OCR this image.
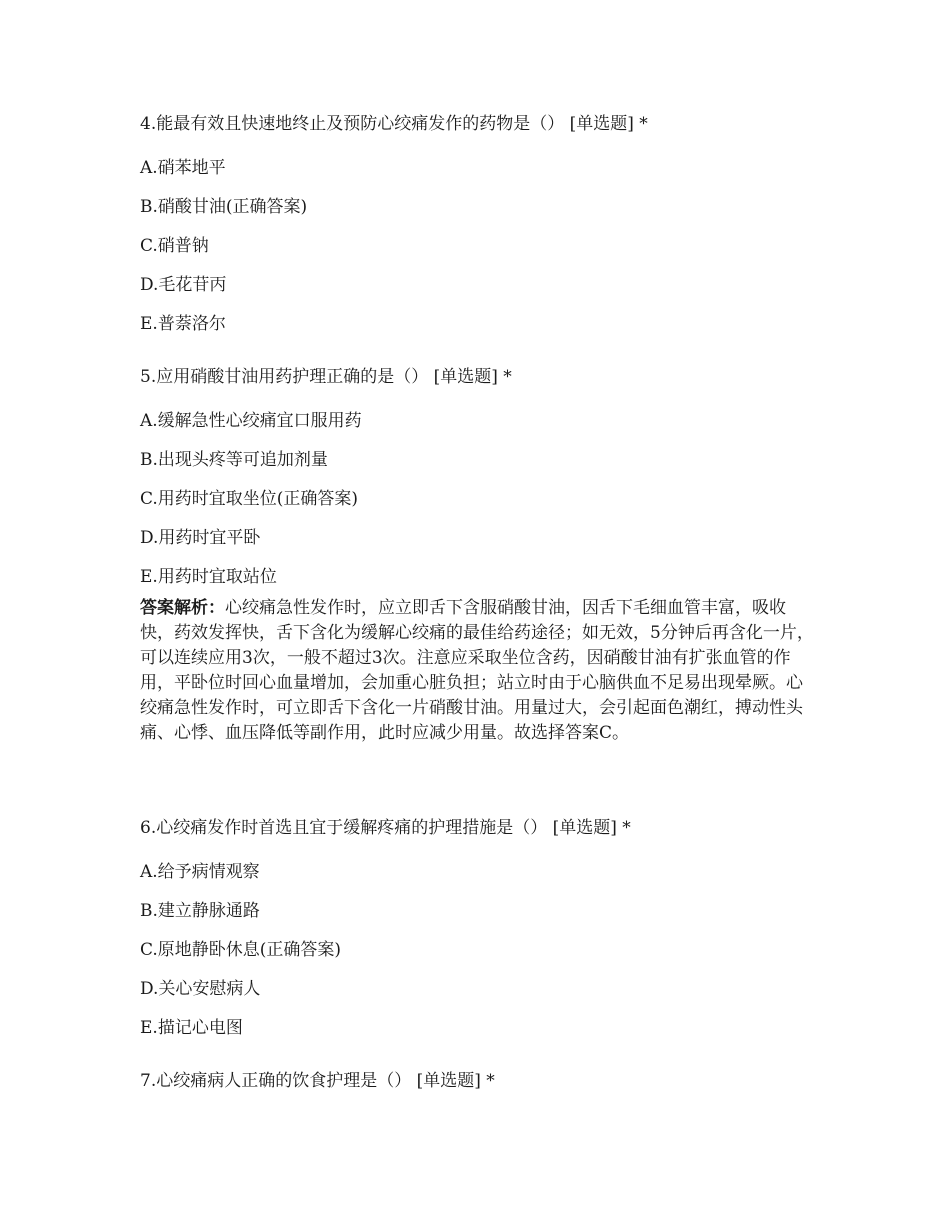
4.能最有效且快速地终止及预防心绞痛发作的药物是（） [单选题] *
A.硝苯地平
B.硝酸甘油(正确答案)
C.硝普钠
D.毛花苷丙
E.普萘洛尔
5.应用硝酸甘油用药护理正确的是（） [单选题] *
A.缓解急性心绞痛宜口服用药
B.出现头疼等可追加剂量
C.用药时宜取坐位(正确答案)
D.用药时宜平卧
E.用药时宜取站位
答案解析：心绞痛急性发作时，应立即舌下含服硝酸甘油，因舌下毛细血管丰富，吸收快，药效发挥快，舌下含化为缓解心绞痛的最佳给药途径；如无效，5分钟后再含化一片，可以连续应用3次，一般不超过3次。注意应采取坐位含药，因硝酸甘油有扩张血管的作用，平卧位时回心血量增加，会加重心脏负担；站立时由于心脑供血不足易出现晕厥。心绞痛急性发作时，可立即舌下含化一片硝酸甘油。用量过大，会引起面色潮红，搏动性头痛、心悸、血压降低等副作用，此时应减少用量。故选择答案C。
6.心绞痛发作时首选且宜于缓解疼痛的护理措施是（） [单选题] *
A.给予病情观察
B.建立静脉通路
C.原地静卧休息(正确答案)
D.关心安慰病人
E.描记心电图
7.心绞痛病人正确的饮食护理是（） [单选题] *
